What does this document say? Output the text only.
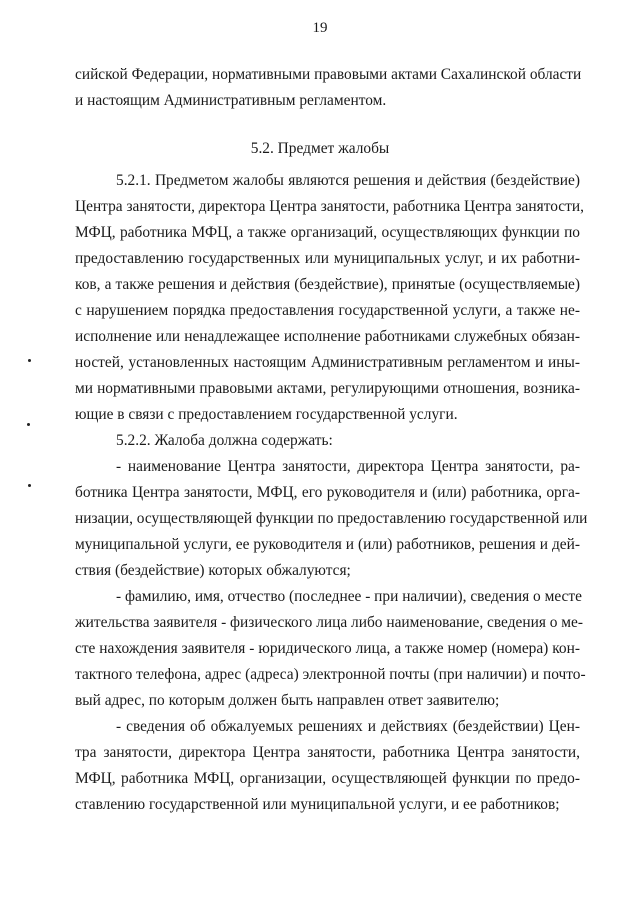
19
сийской Федерации, нормативными правовыми актами Сахалинской области
и настоящим Административным регламентом.
5.2. Предмет жалобы
5.2.1. Предметом жалобы являются решения и действия (бездействие)
Центра занятости, директора Центра занятости, работника Центра занятости,
МФЦ, работника МФЦ, а также организаций, осуществляющих функции по
предоставлению государственных или муниципальных услуг, и их работни-
ков, а также решения и действия (бездействие), принятые (осуществляемые)
с нарушением порядка предоставления государственной услуги, а также не-
исполнение или ненадлежащее исполнение работниками служебных обязан-
ностей, установленных настоящим Административным регламентом и ины-
ми нормативными правовыми актами, регулирующими отношения, возника-
ющие в связи с предоставлением государственной услуги.
5.2.2. Жалоба должна содержать:
- наименование Центра занятости, директора Центра занятости, ра-
ботника Центра занятости, МФЦ, его руководителя и (или) работника, орга-
низации, осуществляющей функции по предоставлению государственной или
муниципальной услуги, ее руководителя и (или) работников, решения и дей-
ствия (бездействие) которых обжалуются;
- фамилию, имя, отчество (последнее - при наличии), сведения о месте
жительства заявителя - физического лица либо наименование, сведения о ме-
сте нахождения заявителя - юридического лица, а также номер (номера) кон-
тактного телефона, адрес (адреса) электронной почты (при наличии) и почто-
вый адрес, по которым должен быть направлен ответ заявителю;
- сведения об обжалуемых решениях и действиях (бездействии) Цен-
тра занятости, директора Центра занятости, работника Центра занятости,
МФЦ, работника МФЦ, организации, осуществляющей функции по предо-
ставлению государственной или муниципальной услуги, и ее работников;
